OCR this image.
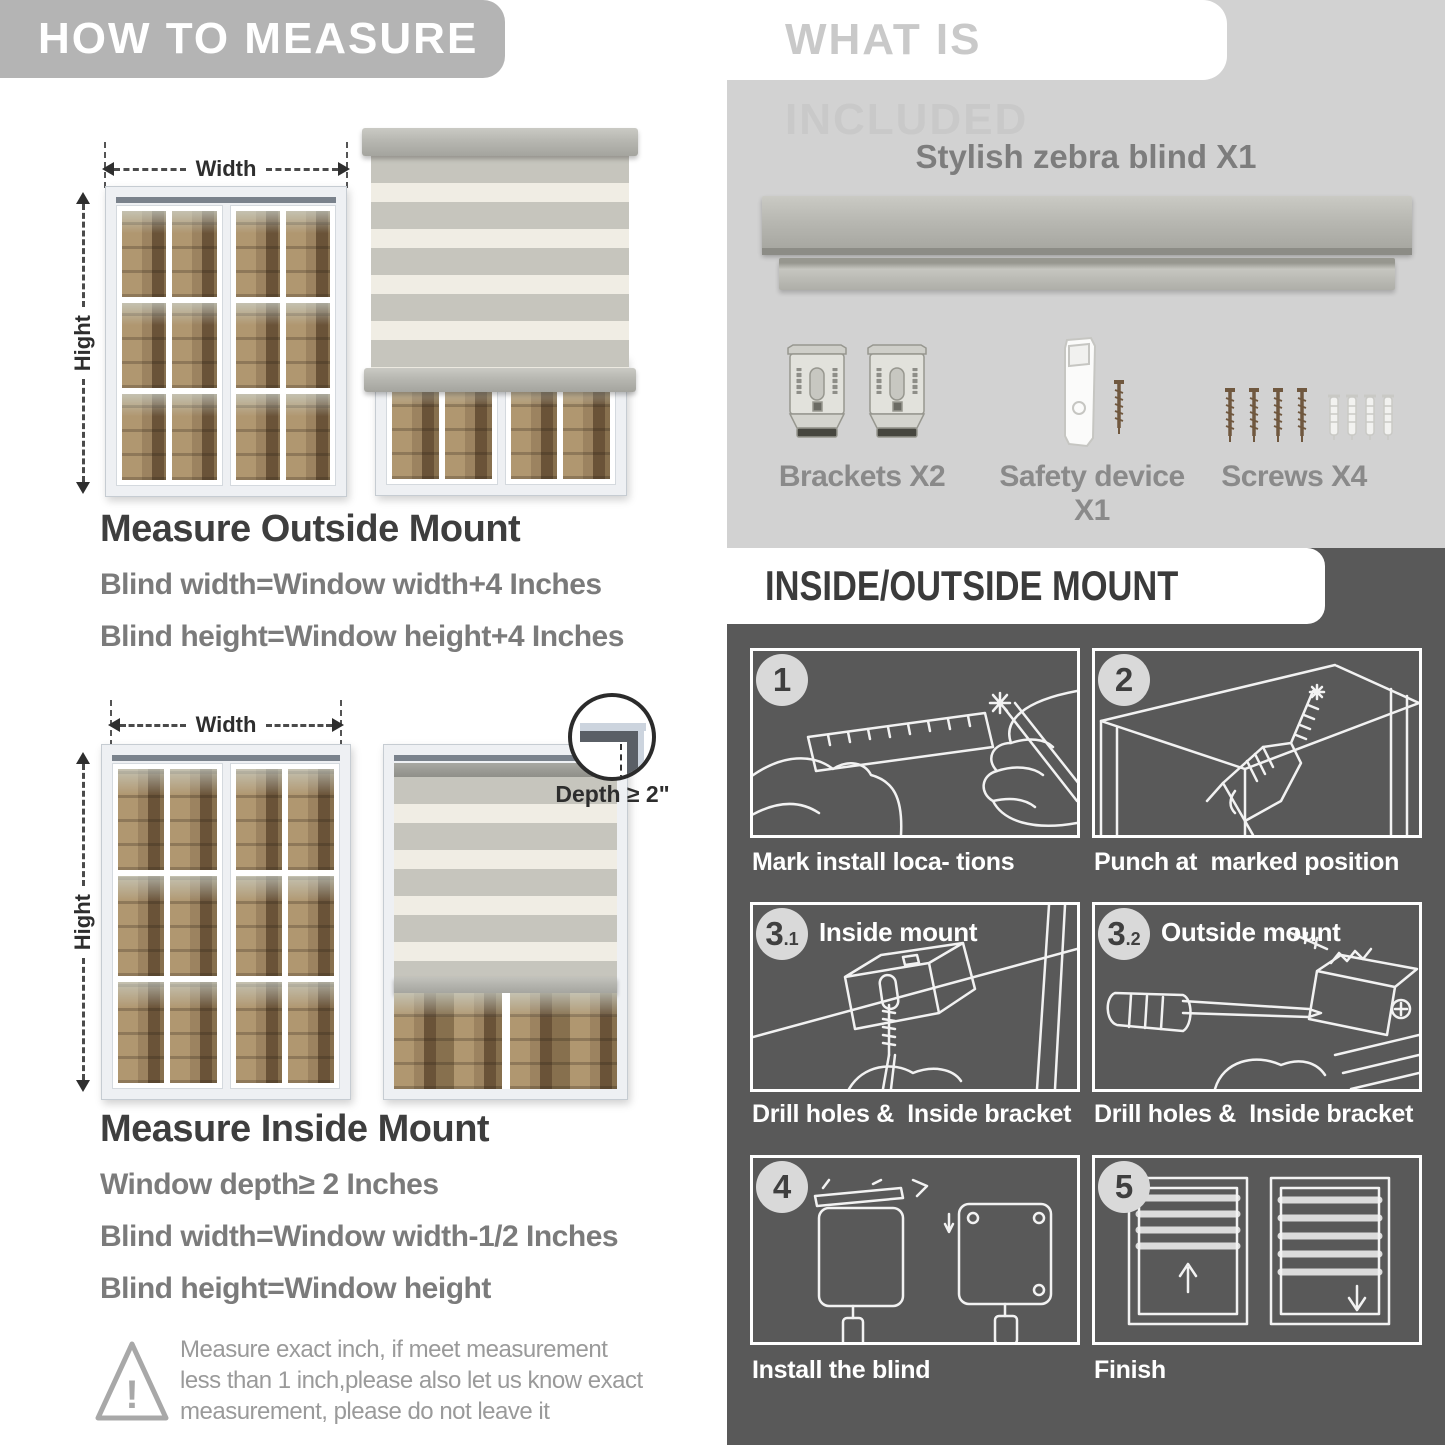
HOW TO MEASURE
Width
Hight
Measure Outside Mount
Blind width=Window width+4 Inches
Blind height=Window height+4 Inches
Width
Hight
Depth ≥ 2"
Measure Inside Mount
Window depth≥ 2 Inches
Blind width=Window width-1/2 Inches
Blind height=Window height
!
Measure exact inch, if meet measurement less than 1 inch,please also let us know exact measurement, please do not leave it
WHAT IS INCLUDED
Stylish zebra blind X1
Brackets X2	Safety device X1
Screws X4
INSIDE/OUTSIDE MOUNT
1
Mark install loca- tions
2
Punch at  marked position
3 .1 Inside mount
Drill holes &  Inside bracket
3 .2 Outside mount
Drill holes &  Inside bracket
4
Install the blind
5
Finish
